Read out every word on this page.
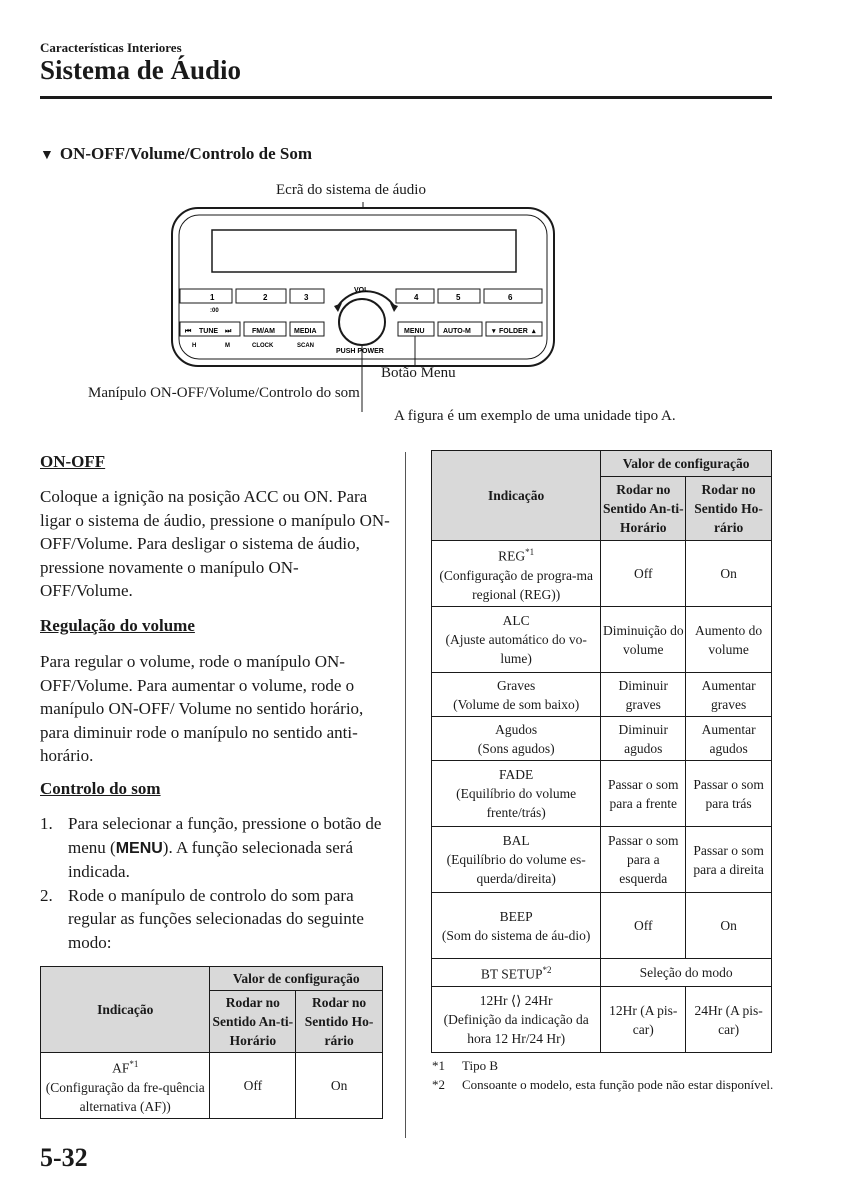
Características Interiores
Sistema de Áudio
▼ ON-OFF/Volume/Controlo de Som
Ecrã do sistema de áudio
VOL
PUSH POWER
1	2	3
:00
4	5	6
⏮ TUNE ⏭	FM/AM	MEDIA
H	M	CLOCK	SCAN
MENU	AUTO-M	▾ FOLDER ▴
Botão Menu
Manípulo ON-OFF/Volume/Controlo do som
A figura é um exemplo de uma unidade tipo A.
ON-OFF
Coloque a ignição na posição ACC ou ON. Para ligar o sistema de áudio, pressione o manípulo ON-OFF/Volume. Para desligar o sistema de áudio, pressione novamente o manípulo ON-OFF/Volume.
Regulação do volume
Para regular o volume, rode o manípulo ON-OFF/Volume. Para aumentar o volume, rode o manípulo ON-OFF/ Volume no sentido horário, para diminuir rode o manípulo no sentido anti-horário.
Controlo do som
1. Para selecionar a função, pressione o botão de menu (MENU). A função selecionada será indicada.
2. Rode o manípulo de controlo do som para regular as funções selecionadas do seguinte modo:
Indicação	Valor de configuração	
	Rodar no Sentido An-ti-Horário	Rodar no Sentido Ho-rário
AF$^{*1}$
(Configuração da fre-quência alternativa (AF))	Off	On
Indicação	Valor de configuração	
	Rodar no Sentido An-ti-Horário	Rodar no Sentido Ho-rário
REG$^{*1}$
(Configuração de progra-ma regional (REG))	Off	On
ALC
(Ajuste automático do vo-lume)	Diminuição do volume	Aumento do volume
Graves
(Volume de som baixo)	Diminuir graves	Aumentar graves
Agudos
(Sons agudos)	Diminuir agudos	Aumentar agudos
FADE
(Equilíbrio do volume frente/trás)	Passar o som para a frente	Passar o som para trás
BAL
(Equilíbrio do volume es-querda/direita)	Passar o som para a esquerda	Passar o som para a direita
BEEP
(Som do sistema de áu-dio)	Off	On
BT SETUP$^{*2}$	Seleção do modo	
12Hr ⟨⟩ 24Hr
(Definição da indicação da hora 12 Hr/24 Hr)	12Hr (A pis-car)	24Hr (A pis-car)
*1 Tipo B
*2 Consoante o modelo, esta função pode não estar disponível.
5-32
